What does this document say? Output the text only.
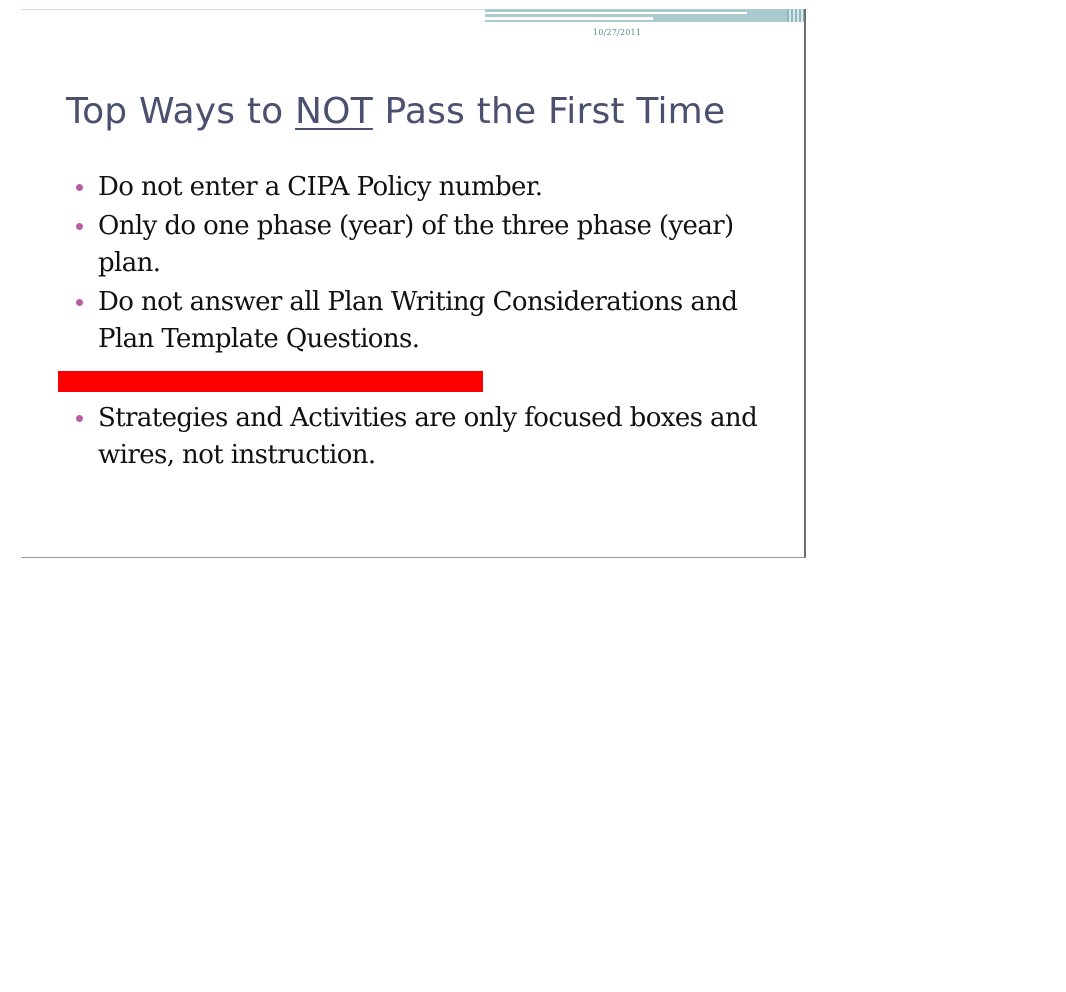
10/27/2011
Top Ways to NOT Pass the First Time
Do not enter a CIPA Policy number.
Only do one phase (year) of the three phase (year) plan.
Do not answer all Plan Writing Considerations and Plan Template Questions.
Strategies and Activities are only focused boxes and wires, not instruction.
